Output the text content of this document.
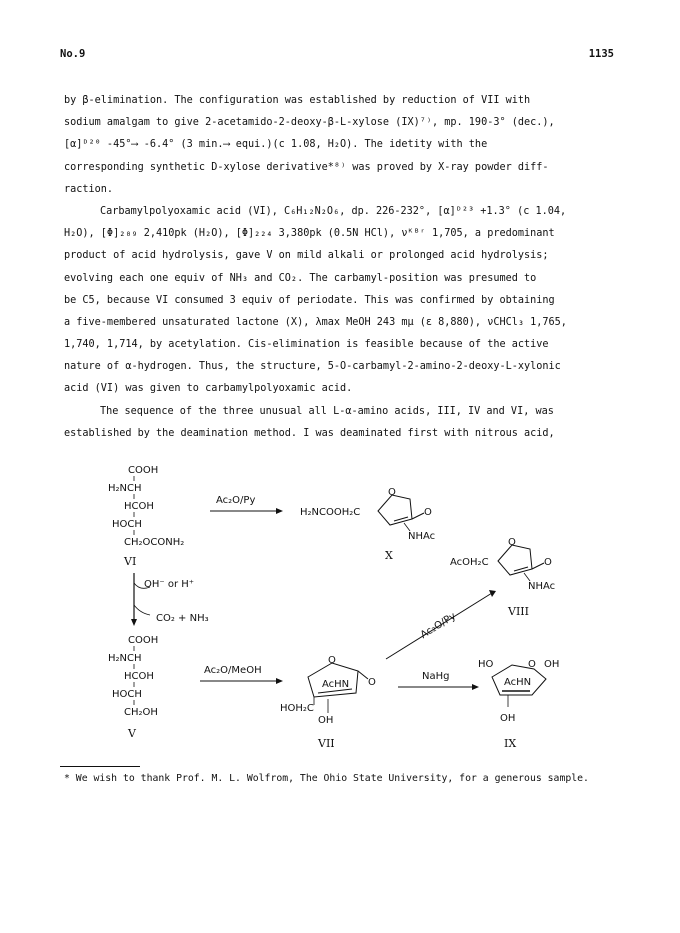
No.9	1135
by β-elimination. The configuration was established by reduction of VII with
sodium amalgam to give 2-acetamido-2-deoxy-β-L-xylose (IX)⁷⁾, mp. 190-3° (dec.),
[α]ᴰ²⁰ -45°⟶ -6.4° (3 min.⟶ equi.)(c 1.08, H₂O). The idetity with the
corresponding synthetic D-xylose derivative*⁸⁾ was proved by X-ray powder diff-
raction.
Carbamylpolyoxamic acid (VI), C₆H₁₂N₂O₆, dp. 226-232°, [α]ᴰ²³ +1.3° (c 1.04,
H₂O), [Φ]₂₀₉ 2,410pk (H₂O), [Φ]₂₂₄ 3,380pk (0.5N HCl), νᴷᴮʳ 1,705, a predominant
product of acid hydrolysis, gave V on mild alkali or prolonged acid hydrolysis;
evolving each one equiv of NH₃ and CO₂. The carbamyl-position was presumed to
be C5, because VI consumed 3 equiv of periodate. This was confirmed by obtaining
a five-membered unsaturated lactone (X), λmax MeOH 243 mμ (ε 8,880), νCHCl₃ 1,765,
1,740, 1,714, by acetylation. Cis-elimination is feasible because of the active
nature of α-hydrogen. Thus, the structure, 5-O-carbamyl-2-amino-2-deoxy-L-xylonic
acid (VI) was given to carbamylpolyoxamic acid.
The sequence of the three unusual all L-α-amino acids, III, IV and VI, was
established by the deamination method. I was deaminated first with nitrous acid,
COOH
H₂NCH
HCOH
HOCH
CH₂OCONH₂
VI
Ac₂O/Py
H₂NCOOH₂C
O
O
NHAc
X
AcOH₂C
O
O
NHAc
VIII
OH⁻ or H⁺
CO₂ + NH₃
COOH
H₂NCH
HCOH
HOCH
CH₂OH
V
Ac₂O/MeOH
O
O
AcHN
HOH₂C
OH
VII
Ac₂O/Py
NaHg
HO	O OH
AcHN
OH
IX
* We wish to thank Prof. M. L. Wolfrom, The Ohio State University, for a generous sample.
